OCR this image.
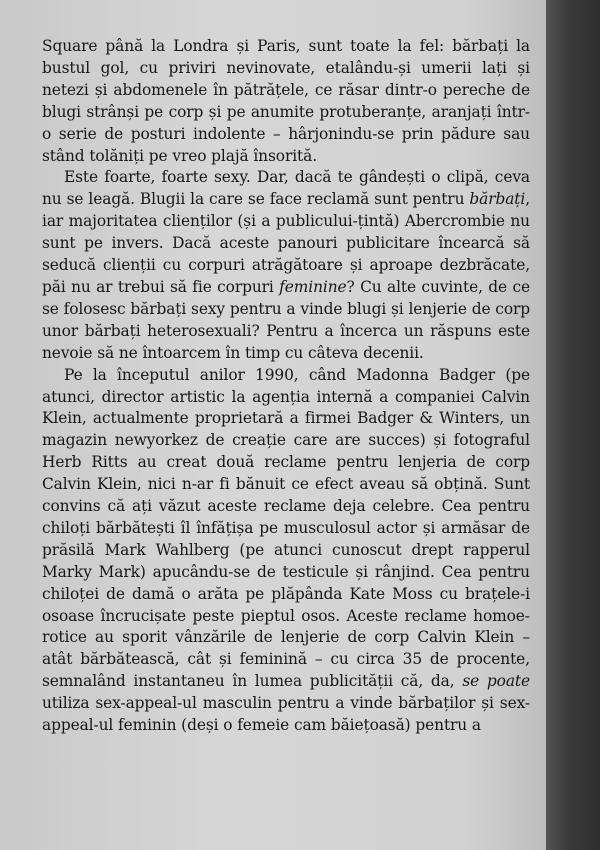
Square până la Londra și Paris, sunt toate la fel: bărbați la bustul gol, cu priviri nevinovate, etalându-și umerii lați și netezi și abdomenele în pătrățele, ce răsar dintr-o pereche de blugi strânși pe corp și pe anumite protuberanțe, aranjați într-o serie de posturi indolente – hârjonindu-se prin pădure sau stând tolăniți pe vreo plajă însorită.

Este foarte, foarte sexy. Dar, dacă te gândești o clipă, ceva nu se leagă. Blugii la care se face reclamă sunt pentru bărbați, iar majoritatea clienților (și a publicului-țintă) Abercrombie nu sunt pe invers. Dacă aceste panouri publicitare încearcă să seducă clienții cu corpuri atrăgătoare și aproape dezbrăcate, păi nu ar trebui să fie corpuri feminine? Cu alte cuvinte, de ce se folosesc bărbați sexy pentru a vinde blugi și lenjerie de corp unor bărbați heterosexuali? Pentru a încerca un răspuns este nevoie să ne întoarcem în timp cu câteva decenii.

Pe la începutul anilor 1990, când Madonna Badger (pe atunci, director artistic la agenția internă a companiei Calvin Klein, actualmente proprietară a firmei Badger & Winters, un magazin newyorkez de creație care are succes) și fotograful Herb Ritts au creat două reclame pentru lenjeria de corp Calvin Klein, nici n-ar fi bănuit ce efect aveau să obțină. Sunt convins că ați văzut aceste reclame deja celebre. Cea pentru chiloți bărbătești îl înfățișa pe musculosul actor și armăsar de prăsilă Mark Wahlberg (pe atunci cunoscut drept rapperul Marky Mark) apucându-se de testicule și rânjind. Cea pentru chiloței de damă o arăta pe plăpânda Kate Moss cu brațele-i osoase încrucișate peste pieptul osos. Aceste reclame homoerotice au sporit vânzările de lenjerie de corp Calvin Klein – atât bărbătească, cât și feminină – cu circa 35 de procente, semnalând instantaneu în lumea publicității că, da, se poate utiliza sex-appeal-ul masculin pentru a vinde bărbaților și sex-appeal-ul feminin (deși o femeie cam băiețoasă) pentru a
